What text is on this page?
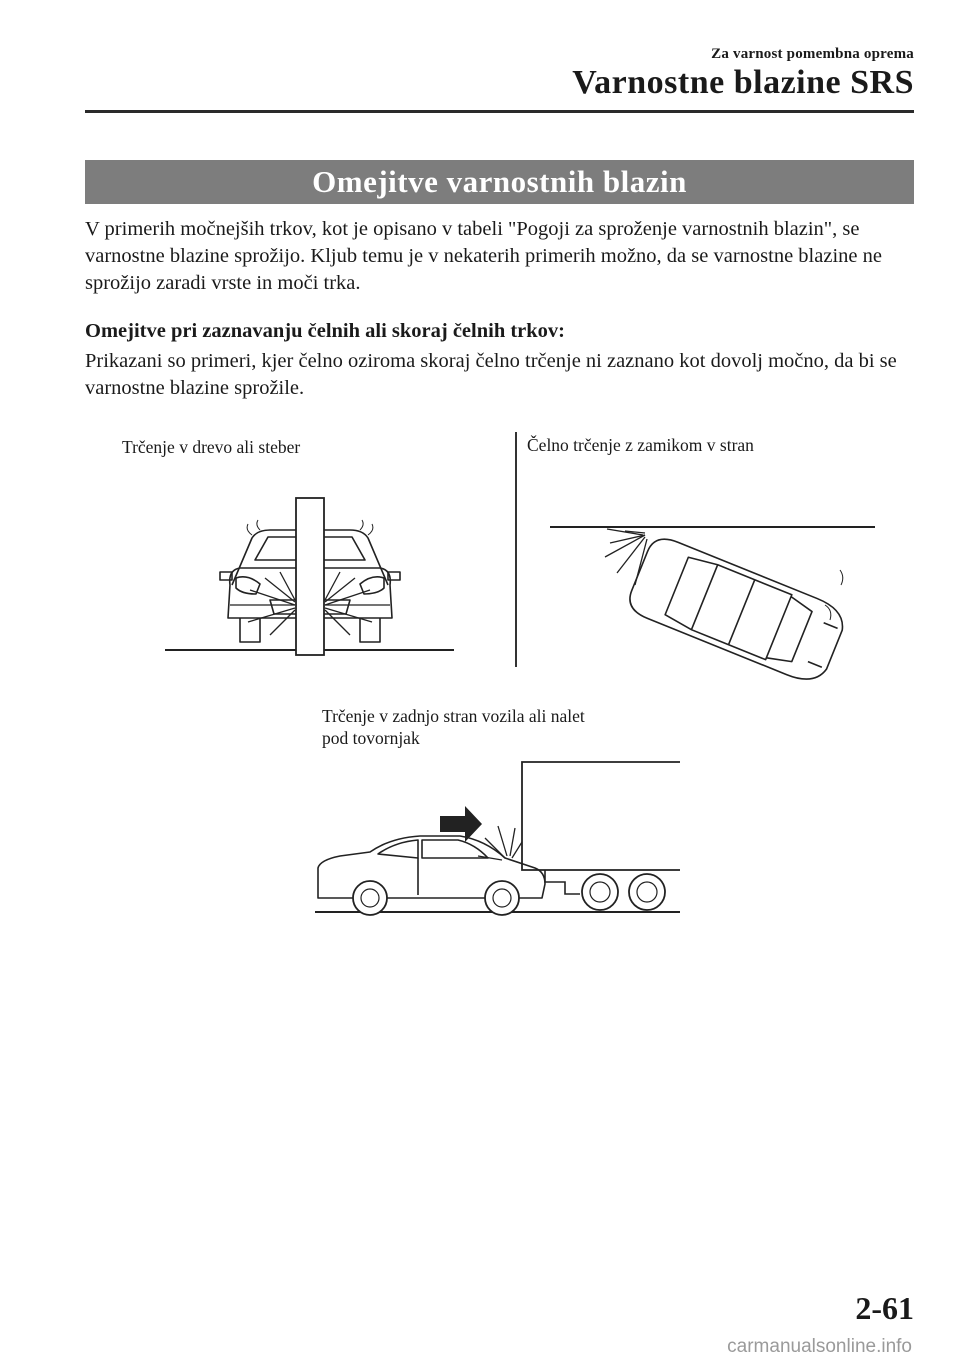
Za varnost pomembna oprema
Varnostne blazine SRS
Omejitve varnostnih blazin
V primerih močnejših trkov, kot je opisano v tabeli "Pogoji za sproženje varnostnih blazin", se varnostne blazine sprožijo. Kljub temu je v nekaterih primerih možno, da se varnostne blazine ne sprožijo zaradi vrste in moči trka.
Omejitve pri zaznavanju čelnih ali skoraj čelnih trkov:
Prikazani so primeri, kjer čelno oziroma skoraj čelno trčenje ni zaznano kot dovolj močno, da bi se varnostne blazine sprožile.
Trčenje v drevo ali steber	Čelno trčenje z zamikom v stran
Trčenje v zadnjo stran vozila ali nalet
pod tovornjak
2-61
carmanualsonline.info
